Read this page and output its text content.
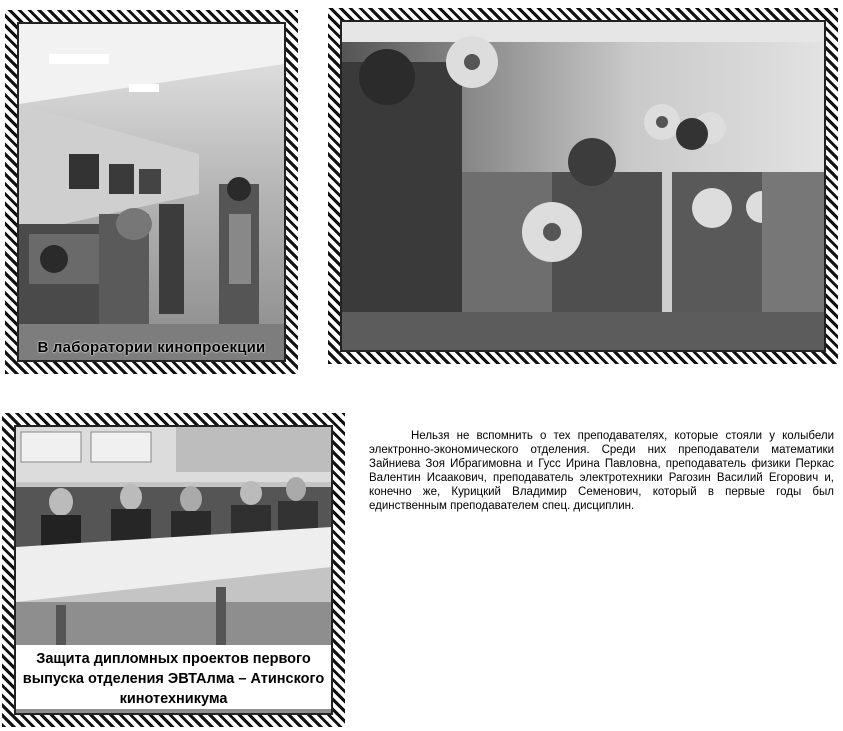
В лаборатории кинопроекции
Защита дипломных проектов первого выпуска отделения ЭВТАлма – Атинского кинотехникума

Нельзя не вспомнить о тех преподавателях, которые стояли у колыбели электронно-экономического отделения. Среди них преподаватели математики Зайниева Зоя Ибрагимовна и Гусс Ирина Павловна, преподаватель физики Перкас Валентин Исаакович, преподаватель электротехники Рагозин Василий Егорович и, конечно же, Курицкий Владимир Семенович, который в первые годы был единственным преподавателем спец. дисциплин.
